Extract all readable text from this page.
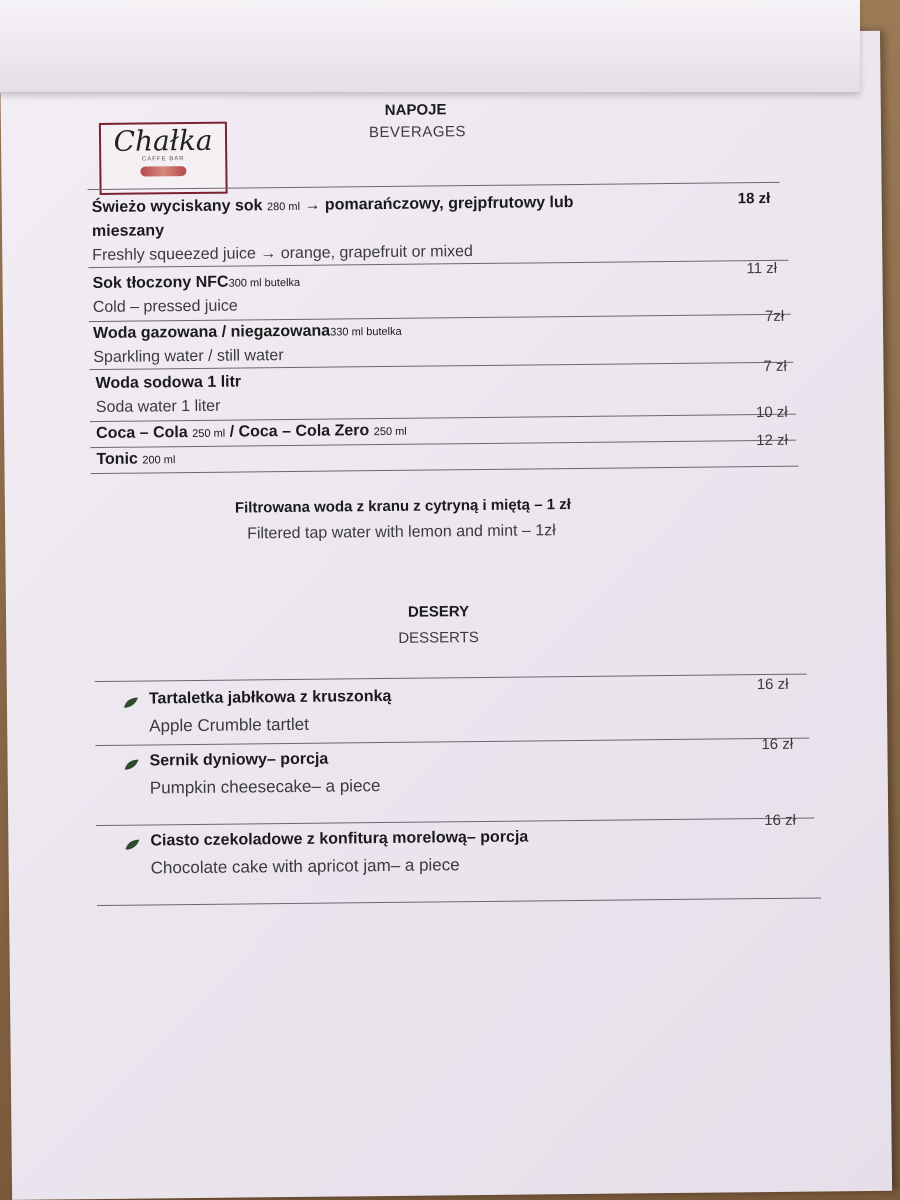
Chałka
CAFFE BAR
NAPOJE
BEVERAGES
Świeżo wyciskany sok 280 ml → pomarańczowy, grejpfrutowy lub
mieszany
Freshly squeezed juice → orange, grapefruit or mixed
18 zł
Sok tłoczony NFC300 ml butelka
Cold – pressed juice
11 zł
Woda gazowana / niegazowana330 ml butelka
Sparkling water / still water
7zł
Woda sodowa 1 litr
Soda water 1 liter
7 zł
Coca – Cola 250 ml / Coca – Cola Zero 250 ml
10 zł
Tonic 200 ml
12 zł
Filtrowana woda z kranu z cytryną i miętą – 1 zł
Filtered tap water with lemon and mint – 1zł
DESERY
DESSERTS
Tartaletka jabłkowa z kruszonką
Apple Crumble tartlet
16 zł
Sernik dyniowy– porcja
Pumpkin cheesecake– a piece
16 zł
Ciasto czekoladowe z konfiturą morelową– porcja
Chocolate cake with apricot jam– a piece
16 zł
